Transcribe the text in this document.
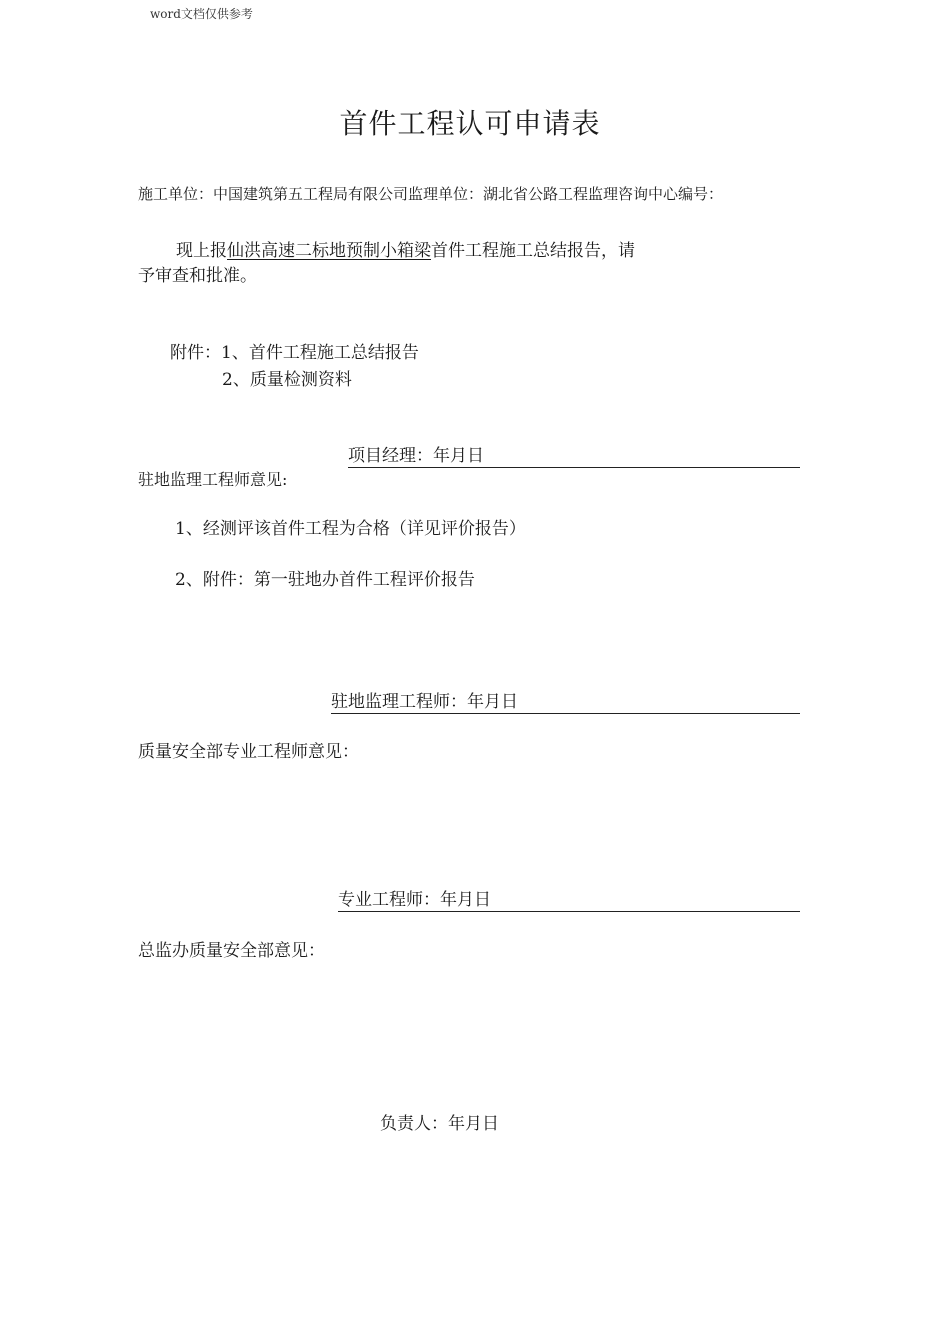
word文档仅供参考
首件工程认可申请表
施工单位：中国建筑第五工程局有限公司监理单位：湖北省公路工程监理咨询中心编号：
现上报仙洪高速二标地预制小箱梁首件工程施工总结报告，请
予审查和批准。
附件：1、首件工程施工总结报告
2、质量检测资料
项目经理：年月日
驻地监理工程师意见:
1、经测评该首件工程为合格（详见评价报告）
2、附件：第一驻地办首件工程评价报告
驻地监理工程师：年月日
质量安全部专业工程师意见：
专业工程师：年月日
总监办质量安全部意见：
负责人：年月日
